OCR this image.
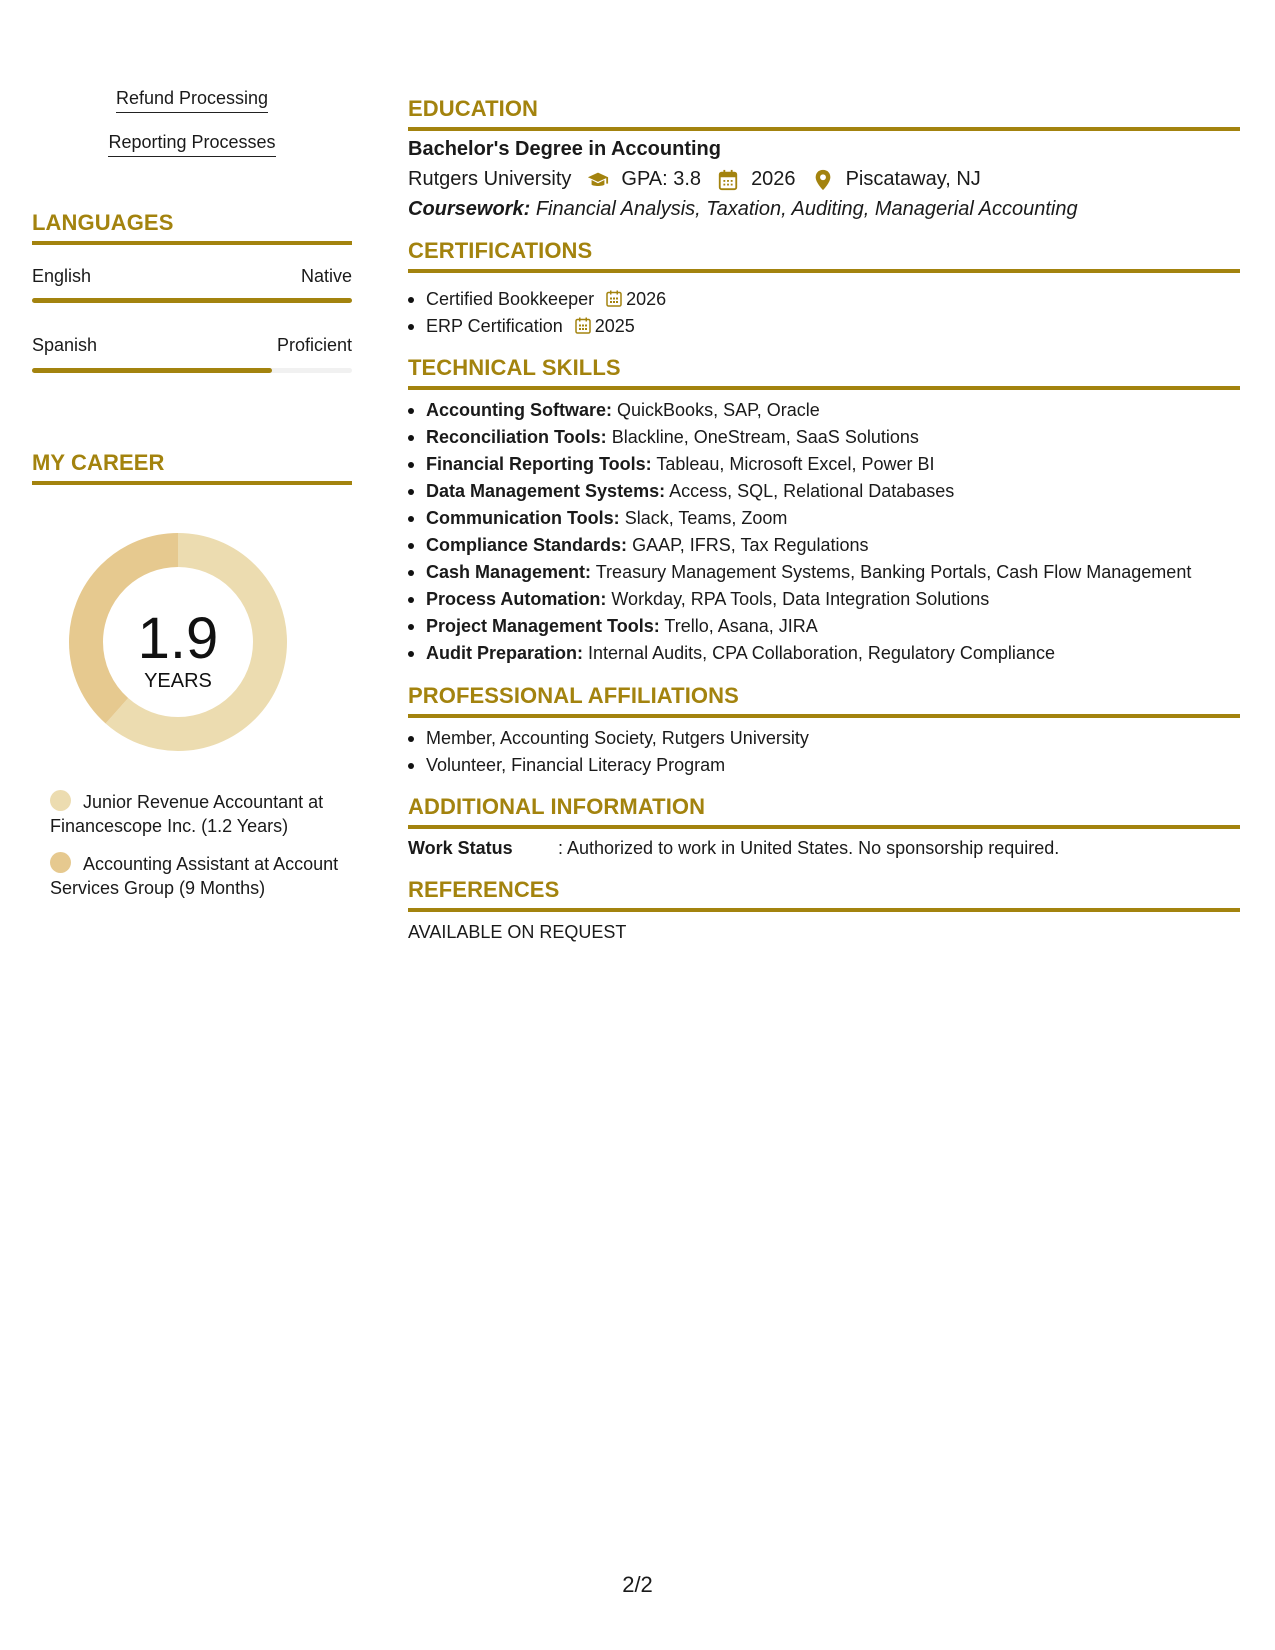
Refund Processing
Reporting Processes
LANGUAGES
English	Native
Spanish	Proficient
MY CAREER
1.9
YEARS
Junior Revenue Accountant at Financescope Inc. (1.2 Years)
Accounting Assistant at Account Services Group (9 Months)
EDUCATION
Bachelor's Degree in Accounting
Rutgers University	GPA: 3.8	2026	Piscataway, NJ
Coursework: Financial Analysis, Taxation, Auditing, Managerial Accounting
CERTIFICATIONS
Certified Bookkeeper 2026
ERP Certification 2025
TECHNICAL SKILLS
Accounting Software: QuickBooks, SAP, Oracle
Reconciliation Tools: Blackline, OneStream, SaaS Solutions
Financial Reporting Tools: Tableau, Microsoft Excel, Power BI
Data Management Systems: Access, SQL, Relational Databases
Communication Tools: Slack, Teams, Zoom
Compliance Standards: GAAP, IFRS, Tax Regulations
Cash Management: Treasury Management Systems, Banking Portals, Cash Flow Management
Process Automation: Workday, RPA Tools, Data Integration Solutions
Project Management Tools: Trello, Asana, JIRA
Audit Preparation: Internal Audits, CPA Collaboration, Regulatory Compliance
PROFESSIONAL AFFILIATIONS
Member, Accounting Society, Rutgers University
Volunteer, Financial Literacy Program
ADDITIONAL INFORMATION
Work Status	: Authorized to work in United States. No sponsorship required.
REFERENCES
AVAILABLE ON REQUEST
2/2
